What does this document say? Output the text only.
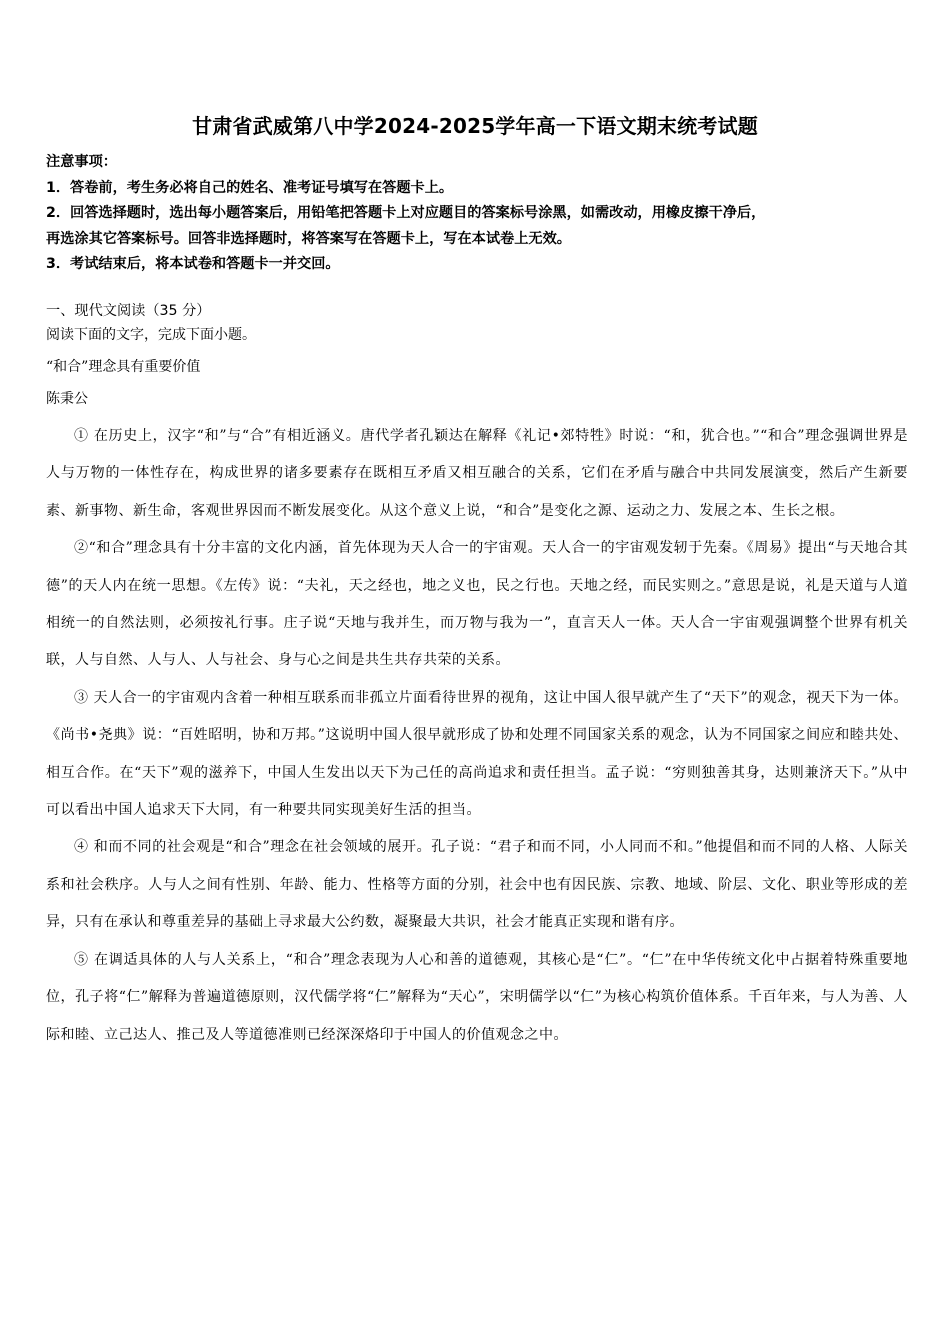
甘肃省武威第八中学2024-2025学年高一下语文期末统考试题
注意事项：
1．答卷前，考生务必将自己的姓名、准考证号填写在答题卡上。
2．回答选择题时，选出每小题答案后，用铅笔把答题卡上对应题目的答案标号涂黑，如需改动，用橡皮擦干净后，
再选涂其它答案标号。回答非选择题时，将答案写在答题卡上，写在本试卷上无效。
3．考试结束后，将本试卷和答题卡一并交回。
一、现代文阅读（35 分）
阅读下面的文字，完成下面小题。
“和合”理念具有重要价值
陈秉公

① 在历史上，汉字“和”与“合”有相近涵义。唐代学者孔颖达在解释《礼记•郊特牲》时说：“和，犹合也。”“和合”理念强调世界是人与万物的一体性存在，构成世界的诸多要素存在既相互矛盾又相互融合的关系，它们在矛盾与融合中共同发展演变，然后产生新要素、新事物、新生命，客观世界因而不断发展变化。从这个意义上说，“和合”是变化之源、运动之力、发展之本、生长之根。

②“和合”理念具有十分丰富的文化内涵，首先体现为天人合一的宇宙观。天人合一的宇宙观发轫于先秦。《周易》提出“与天地合其德”的天人内在统一思想。《左传》说：“夫礼，天之经也，地之义也，民之行也。天地之经，而民实则之。”意思是说，礼是天道与人道相统一的自然法则，必须按礼行事。庄子说“天地与我并生，而万物与我为一”，直言天人一体。天人合一宇宙观强调整个世界有机关联，人与自然、人与人、人与社会、身与心之间是共生共存共荣的关系。

③ 天人合一的宇宙观内含着一种相互联系而非孤立片面看待世界的视角，这让中国人很早就产生了“天下”的观念，视天下为一体。《尚书•尧典》说：“百姓昭明，协和万邦。”这说明中国人很早就形成了协和处理不同国家关系的观念，认为不同国家之间应和睦共处、相互合作。在“天下”观的滋养下，中国人生发出以天下为己任的高尚追求和责任担当。孟子说：“穷则独善其身，达则兼济天下。”从中可以看出中国人追求天下大同，有一种要共同实现美好生活的担当。

④ 和而不同的社会观是“和合”理念在社会领域的展开。孔子说：“君子和而不同，小人同而不和。”他提倡和而不同的人格、人际关系和社会秩序。人与人之间有性别、年龄、能力、性格等方面的分别，社会中也有因民族、宗教、地域、阶层、文化、职业等形成的差异，只有在承认和尊重差异的基础上寻求最大公约数，凝聚最大共识，社会才能真正实现和谐有序。

⑤ 在调适具体的人与人关系上，“和合”理念表现为人心和善的道德观，其核心是“仁”。“仁”在中华传统文化中占据着特殊重要地位，孔子将“仁”解释为普遍道德原则，汉代儒学将“仁”解释为“天心”，宋明儒学以“仁”为核心构筑价值体系。千百年来，与人为善、人际和睦、立己达人、推己及人等道德准则已经深深烙印于中国人的价值观念之中。
